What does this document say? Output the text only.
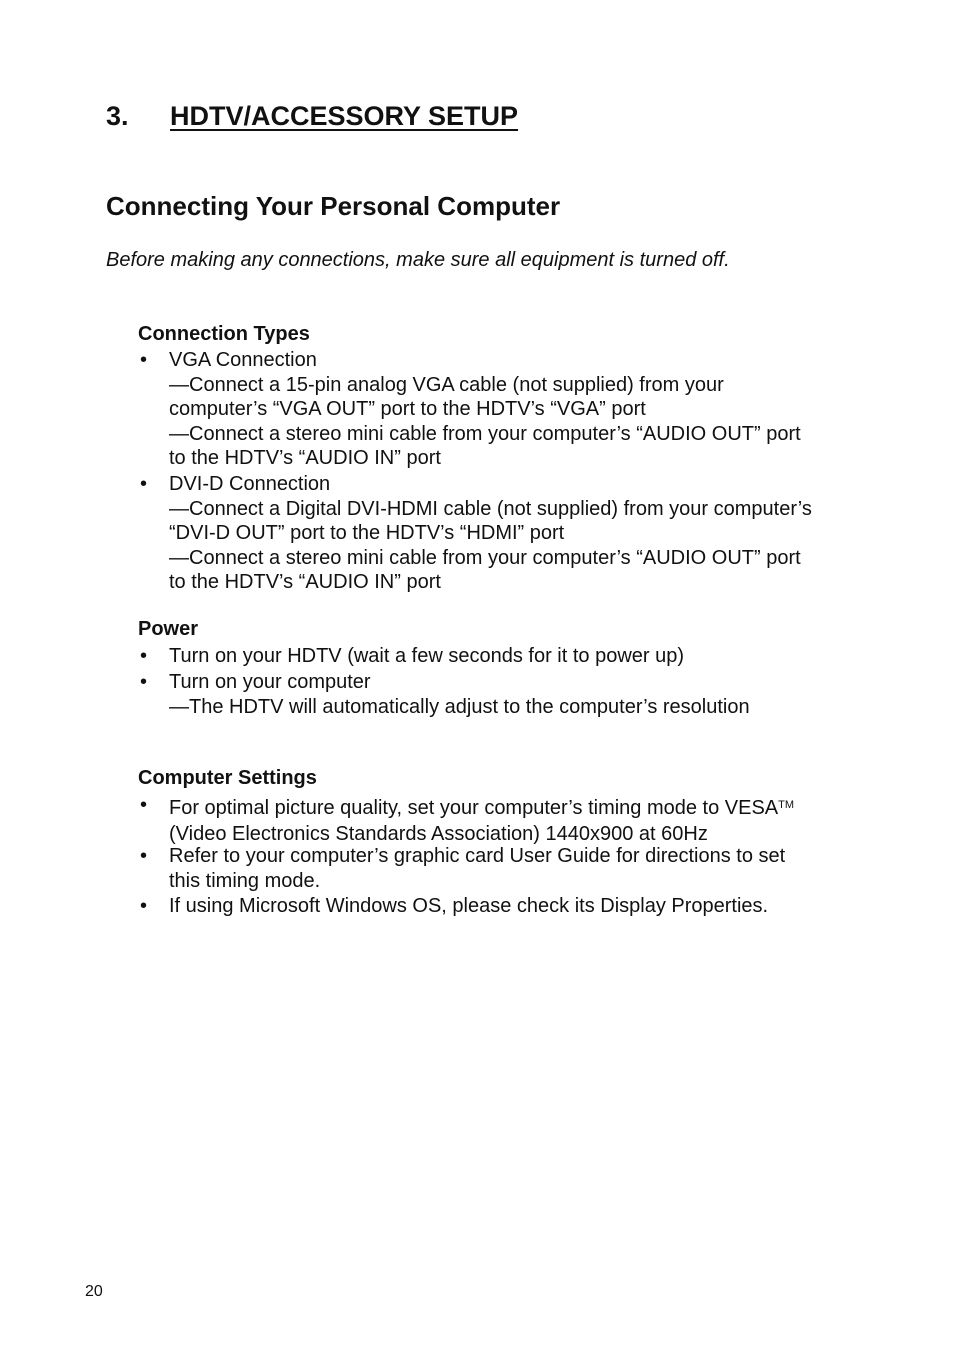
3. HDTV/ACCESSORY SETUP
Connecting Your Personal Computer
Before making any connections, make sure all equipment is turned off.
Connection Types
• VGA Connection
—Connect a 15-pin analog VGA cable (not supplied) from your
computer’s “VGA OUT” port to the HDTV’s “VGA” port
—Connect a stereo mini cable from your computer’s “AUDIO OUT” port
to the HDTV’s “AUDIO IN” port
• DVI-D Connection
—Connect a Digital DVI-HDMI cable (not supplied) from your computer’s
“DVI-D OUT” port to the HDTV’s “HDMI” port
—Connect a stereo mini cable from your computer’s “AUDIO OUT” port
to the HDTV’s “AUDIO IN” port
Power
• Turn on your HDTV (wait a few seconds for it to power up)
• Turn on your computer
—The HDTV will automatically adjust to the computer’s resolution
Computer Settings
• For optimal picture quality, set your computer’s timing mode to VESA™
(Video Electronics Standards Association) 1440x900 at 60Hz
• Refer to your computer’s graphic card User Guide for directions to set
this timing mode.
• If using Microsoft Windows OS, please check its Display Properties.
20
